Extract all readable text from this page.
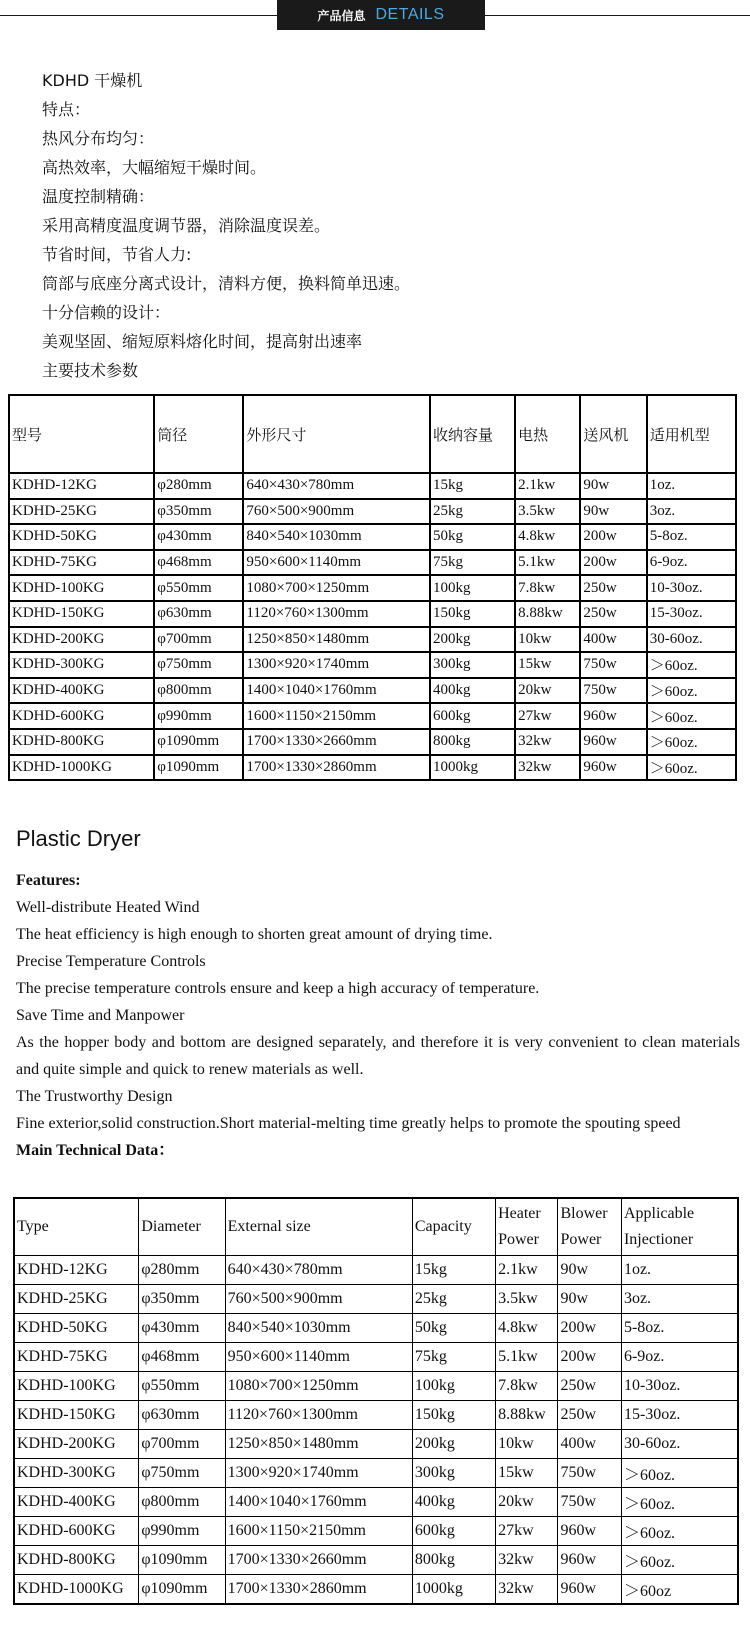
产品信息 DETAILS
KDHD 干燥机
特点：
热风分布均匀：
高热效率，大幅缩短干燥时间。
温度控制精确：
采用高精度温度调节器，消除温度误差。
节省时间，节省人力:
筒部与底座分离式设计，清料方便，换料简单迅速。
十分信赖的设计：
美观坚固、缩短原料熔化时间，提高射出速率
主要技术参数
型号	筒径	外形尺寸	收纳容量	电热	送风机	适用机型
KDHD-12KG	φ280mm	640×430×780mm	15kg	2.1kw	90w	1oz.
KDHD-25KG	φ350mm	760×500×900mm	25kg	3.5kw	90w	3oz.
KDHD-50KG	φ430mm	840×540×1030mm	50kg	4.8kw	200w	5-8oz.
KDHD-75KG	φ468mm	950×600×1140mm	75kg	5.1kw	200w	6-9oz.
KDHD-100KG	φ550mm	1080×700×1250mm	100kg	7.8kw	250w	10-30oz.
KDHD-150KG	φ630mm	1120×760×1300mm	150kg	8.88kw	250w	15-30oz.
KDHD-200KG	φ700mm	1250×850×1480mm	200kg	10kw	400w	30-60oz.
KDHD-300KG	φ750mm	1300×920×1740mm	300kg	15kw	750w	＞60oz.
KDHD-400KG	φ800mm	1400×1040×1760mm	400kg	20kw	750w	＞60oz.
KDHD-600KG	φ990mm	1600×1150×2150mm	600kg	27kw	960w	＞60oz.
KDHD-800KG	φ1090mm	1700×1330×2660mm	800kg	32kw	960w	＞60oz.
KDHD-1000KG	φ1090mm	1700×1330×2860mm	1000kg	32kw	960w	＞60oz.
Plastic Dryer
Features:
Well-distribute Heated Wind
The heat efficiency is high enough to shorten great amount of drying time.
Precise Temperature Controls
The precise temperature controls ensure and keep a high accuracy of temperature.
Save Time and Manpower
As the hopper body and bottom are designed separately, and therefore it is very convenient to clean materials and quite simple and quick to renew materials as well.
The Trustworthy Design
Fine exterior,solid construction.Short material-melting time greatly helps to promote the spouting speed
Main Technical Data：
Type	Diameter	External size	Capacity	Heater Power	Blower Power	Applicable Injectioner
KDHD-12KG	φ280mm	640×430×780mm	15kg	2.1kw	90w	1oz.
KDHD-25KG	φ350mm	760×500×900mm	25kg	3.5kw	90w	3oz.
KDHD-50KG	φ430mm	840×540×1030mm	50kg	4.8kw	200w	5-8oz.
KDHD-75KG	φ468mm	950×600×1140mm	75kg	5.1kw	200w	6-9oz.
KDHD-100KG	φ550mm	1080×700×1250mm	100kg	7.8kw	250w	10-30oz.
KDHD-150KG	φ630mm	1120×760×1300mm	150kg	8.88kw	250w	15-30oz.
KDHD-200KG	φ700mm	1250×850×1480mm	200kg	10kw	400w	30-60oz.
KDHD-300KG	φ750mm	1300×920×1740mm	300kg	15kw	750w	＞60oz.
KDHD-400KG	φ800mm	1400×1040×1760mm	400kg	20kw	750w	＞60oz.
KDHD-600KG	φ990mm	1600×1150×2150mm	600kg	27kw	960w	＞60oz.
KDHD-800KG	φ1090mm	1700×1330×2660mm	800kg	32kw	960w	＞60oz.
KDHD-1000KG	φ1090mm	1700×1330×2860mm	1000kg	32kw	960w	＞60oz
